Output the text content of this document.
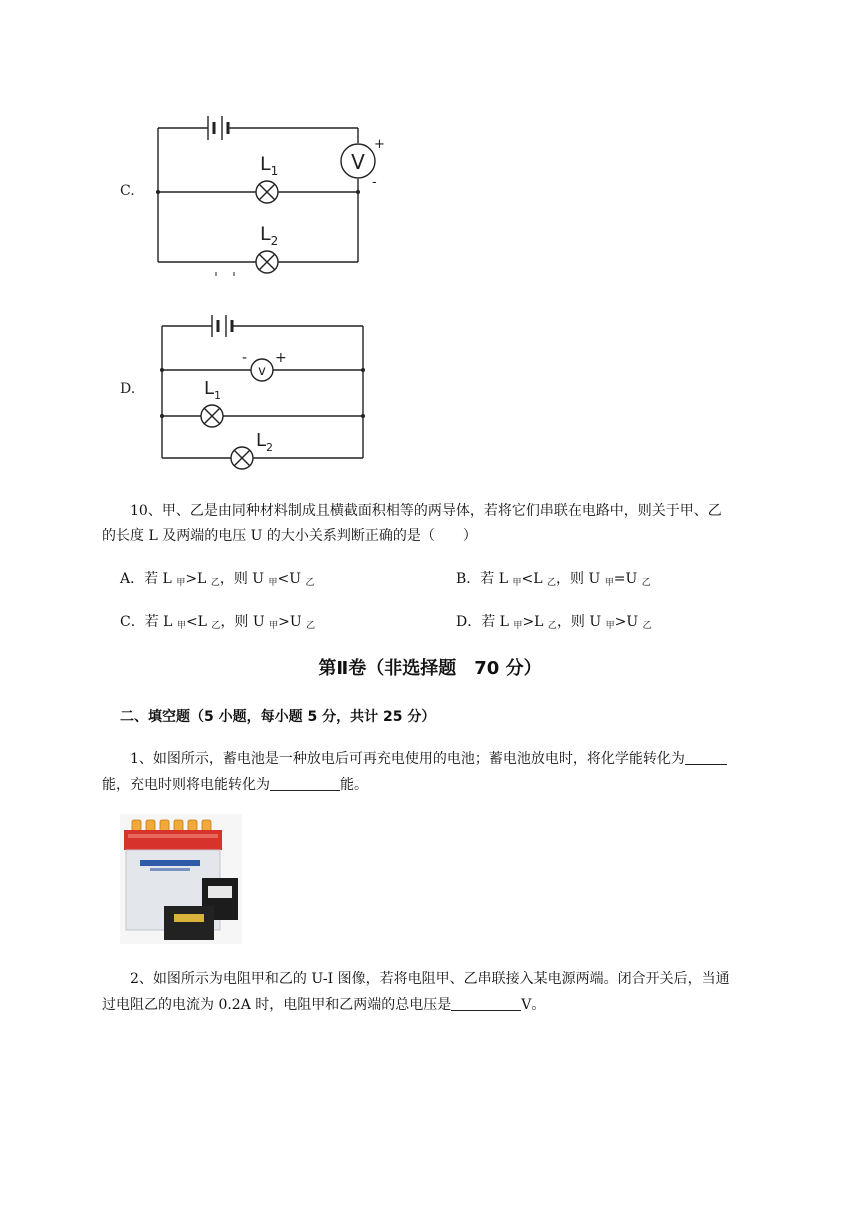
C.
V
+
-
$L_1$
$L_2$
D.
v
+
-
$L_1$
$L_2$
10、甲、乙是由同种材料制成且横截面积相等的两导体，若将它们串联在电路中，则关于甲、乙
的长度 L 及两端的电压 U 的大小关系判断正确的是（　　）
A．若 L $_甲$>L $_乙$，则 U $_甲$<U $_乙$	B．若 L $_甲$<L $_乙$，则 U $_甲$=U $_乙$
C．若 L $_甲$<L $_乙$，则 U $_甲$>U $_乙$	D．若 L $_甲$>L $_乙$，则 U $_甲$>U $_乙$
第Ⅱ卷（非选择题　70 分）
二、填空题（5 小题，每小题 5 分，共计 25 分）
1、如图所示，蓄电池是一种放电后可再充电使用的电池；蓄电池放电时，将化学能转化为
能，充电时则将电能转化为	能。
2、如图所示为电阻甲和乙的 U-I 图像，若将电阻甲、乙串联接入某电源两端。闭合开关后，当通
过电阻乙的电流为 0.2A 时，电阻甲和乙两端的总电压是	V。
